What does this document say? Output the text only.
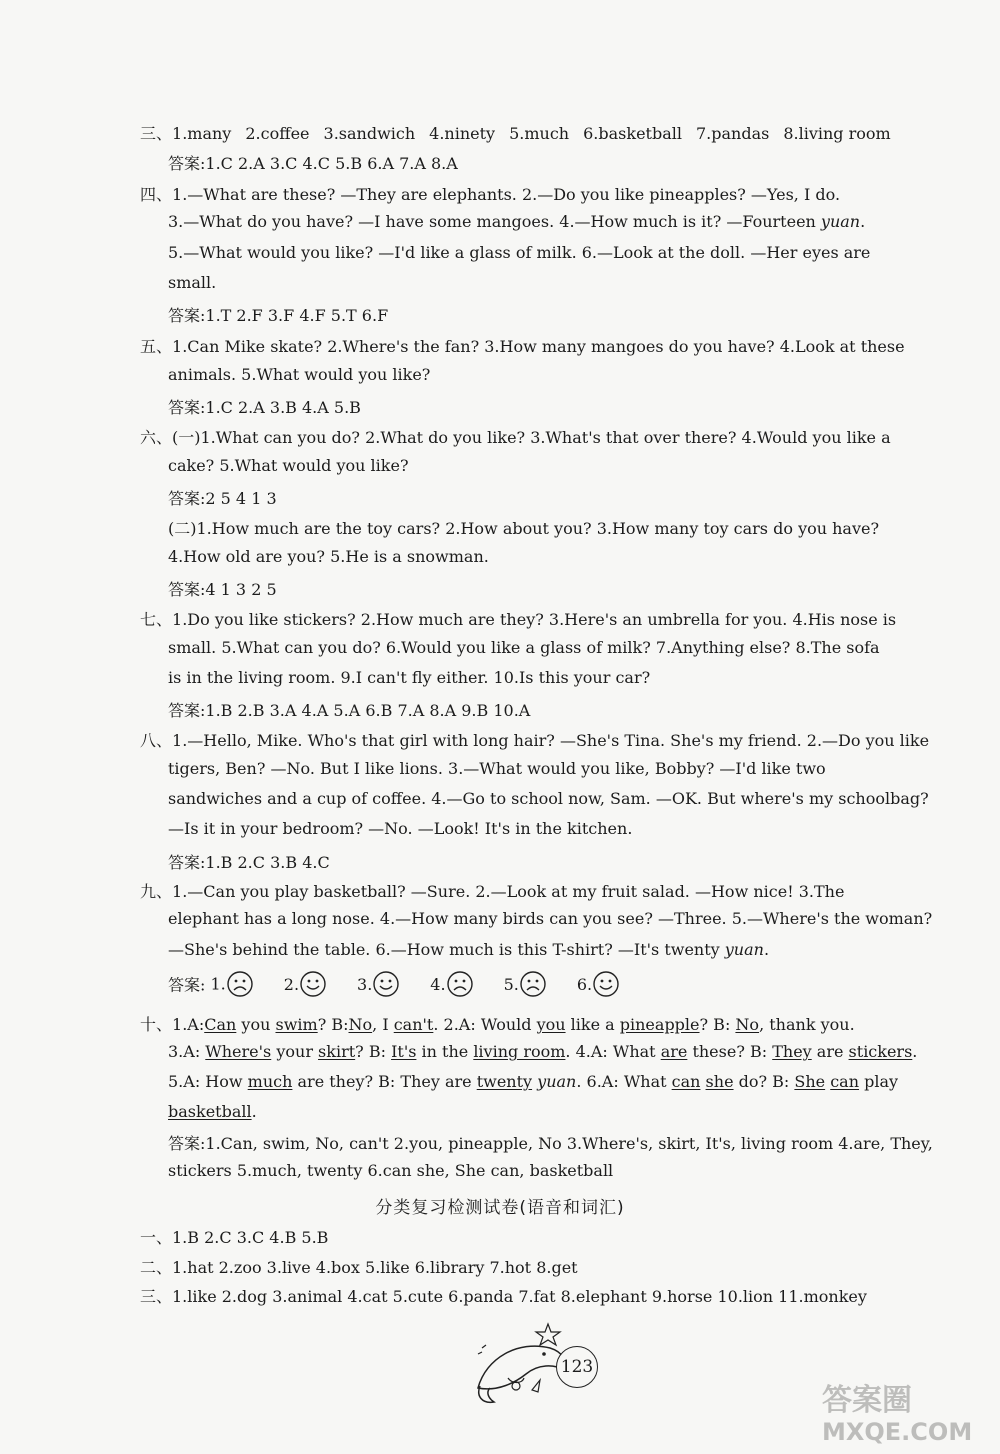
三、1.many 2.coffee 3.sandwich 4.ninety 5.much 6.basketball 7.pandas 8.living room
答案:1.C 2.A 3.C 4.C 5.B 6.A 7.A 8.A
四、1.—What are these? —They are elephants. 2.—Do you like pineapples? —Yes, I do.
3.—What do you have? —I have some mangoes. 4.—How much is it? —Fourteen yuan.
5.—What would you like? —I'd like a glass of milk. 6.—Look at the doll. —Her eyes are
small.
答案:1.T 2.F 3.F 4.F 5.T 6.F
五、1.Can Mike skate? 2.Where's the fan? 3.How many mangoes do you have? 4.Look at these
animals. 5.What would you like?
答案:1.C 2.A 3.B 4.A 5.B
六、(一)1.What can you do? 2.What do you like? 3.What's that over there? 4.Would you like a
cake? 5.What would you like?
答案:2 5 4 1 3
(二)1.How much are the toy cars? 2.How about you? 3.How many toy cars do you have?
4.How old are you? 5.He is a snowman.
答案:4 1 3 2 5
七、1.Do you like stickers? 2.How much are they? 3.Here's an umbrella for you. 4.His nose is
small. 5.What can you do? 6.Would you like a glass of milk? 7.Anything else? 8.The sofa
is in the living room. 9.I can't fly either. 10.Is this your car?
答案:1.B 2.B 3.A 4.A 5.A 6.B 7.A 8.A 9.B 10.A
八、1.—Hello, Mike. Who's that girl with long hair? —She's Tina. She's my friend. 2.—Do you like
tigers, Ben? —No. But I like lions. 3.—What would you like, Bobby? —I'd like two
sandwiches and a cup of coffee. 4.—Go to school now, Sam. —OK. But where's my schoolbag?
—Is it in your bedroom? —No. —Look! It's in the kitchen.
答案:1.B 2.C 3.B 4.C
九、1.—Can you play basketball? —Sure. 2.—Look at my fruit salad. —How nice! 3.The
elephant has a long nose. 4.—How many birds can you see? —Three. 5.—Where's the woman?
—She's behind the table. 6.—How much is this T-shirt? —It's twenty yuan.
答案: 1.	2.	3.	4.	5.	6.
十、1.A:Can you swim? B:No, I can't. 2.A: Would you like a pineapple? B: No, thank you.
3.A: Where's your skirt? B: It's in the living room. 4.A: What are these? B: They are stickers.
5.A: How much are they? B: They are twenty yuan. 6.A: What can she do? B: She can play
basketball.
答案:1.Can, swim, No, can't 2.you, pineapple, No 3.Where's, skirt, It's, living room 4.are, They,
stickers 5.much, twenty 6.can she, She can, basketball
分类复习检测试卷(语音和词汇)
一、1.B 2.C 3.C 4.B 5.B
二、1.hat 2.zoo 3.live 4.box 5.like 6.library 7.hot 8.get
三、1.like 2.dog 3.animal 4.cat 5.cute 6.panda 7.fat 8.elephant 9.horse 10.lion 11.monkey
123
答案圈
MXQE.COM
